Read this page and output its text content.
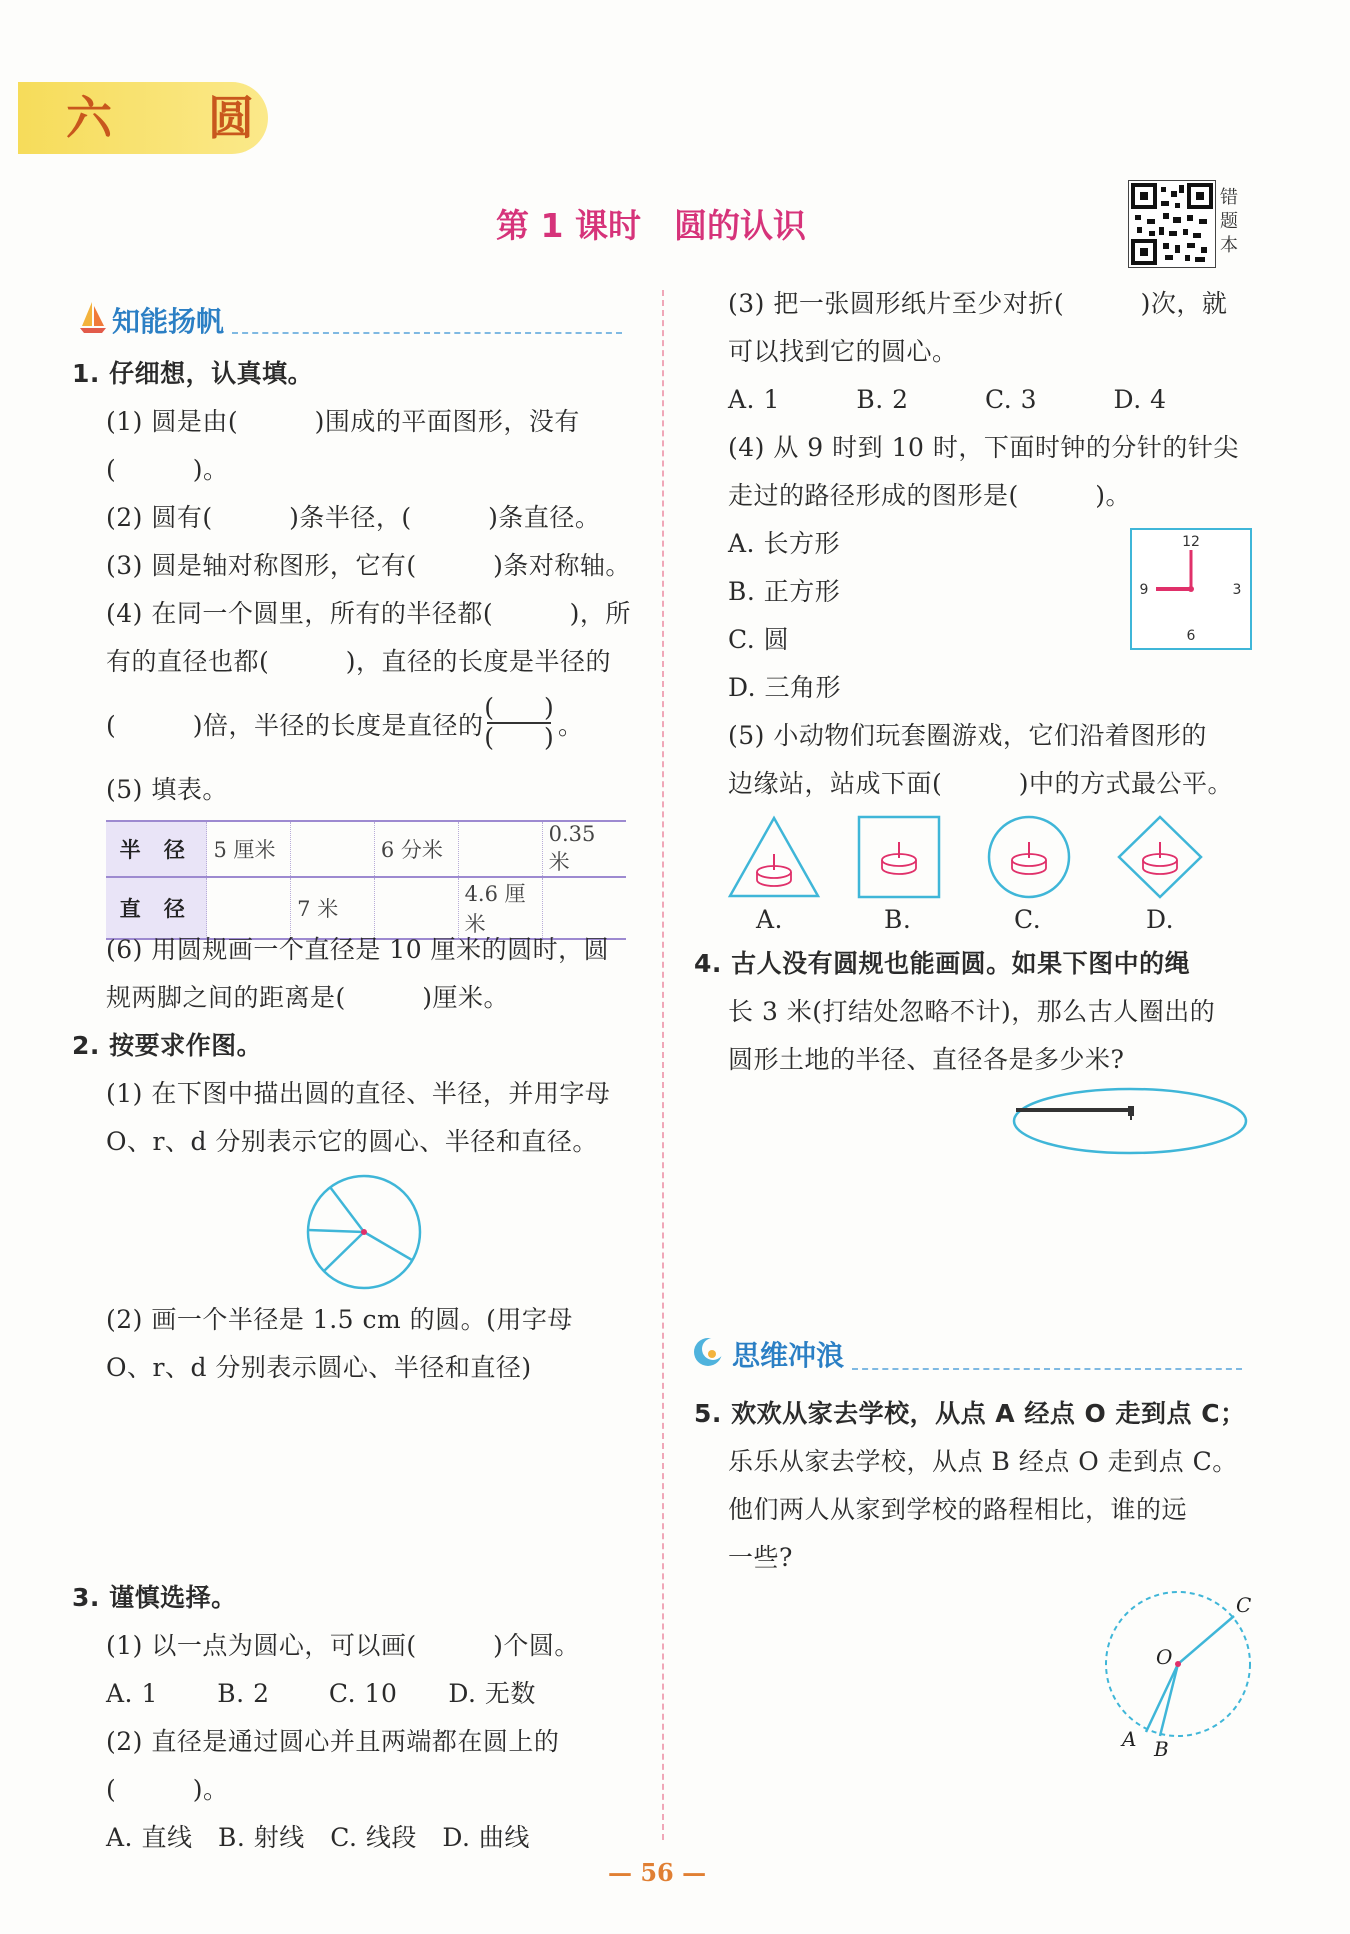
六 圆
第 1 课时　圆的认识
错题本
知能扬帆
1. 仔细想，认真填。
(1) 圆是由(　　　)围成的平面图形，没有
(　　　)。
(2) 圆有(　　　)条半径，(　　　)条直径。
(3) 圆是轴对称图形，它有(　　　)条对称轴。
(4) 在同一个圆里，所有的半径都(　　　)，所
有的直径也都(　　　)，直径的长度是半径的
(　　　)倍，半径的长度是直径的
(　　)
(　　) 。
(5) 填表。
半 径	5 厘米		6 分米		0.35 米
直 径		7 米		4.6 厘米	
(6) 用圆规画一个直径是 10 厘米的圆时，圆
规两脚之间的距离是(　　　)厘米。
2. 按要求作图。
(1) 在下图中描出圆的直径、半径，并用字母
O、r、d 分别表示它的圆心、半径和直径。
(2) 画一个半径是 1.5 cm 的圆。(用字母
O、r、d 分别表示圆心、半径和直径)
3. 谨慎选择。
(1) 以一点为圆心，可以画(　　　)个圆。
A. 1　　 B. 2　　 C. 10　　D. 无数
(2) 直径是通过圆心并且两端都在圆上的
(　　　)。
A. 直线　B. 射线　C. 线段　D. 曲线
(3) 把一张圆形纸片至少对折(　　　)次，就
可以找到它的圆心。
A. 1　　　B. 2　　　C. 3　　　D. 4
(4) 从 9 时到 10 时，下面时钟的分针的针尖
走过的路径形成的图形是(　　　)。
A. 长方形
B. 正方形
C. 圆
D. 三角形
12
3
6
9
(5) 小动物们玩套圈游戏，它们沿着图形的
边缘站，站成下面(　　　)中的方式最公平。
A.	B.	C.	D.
4. 古人没有圆规也能画圆。如果下图中的绳
长 3 米(打结处忽略不计)，那么古人圈出的
圆形土地的半径、直径各是多少米?
思维冲浪
5. 欢欢从家去学校，从点 A 经点 O 走到点 C；
乐乐从家去学校，从点 B 经点 O 走到点 C。
他们两人从家到学校的路程相比，谁的远
一些?
O
C
A B
— 56 —
